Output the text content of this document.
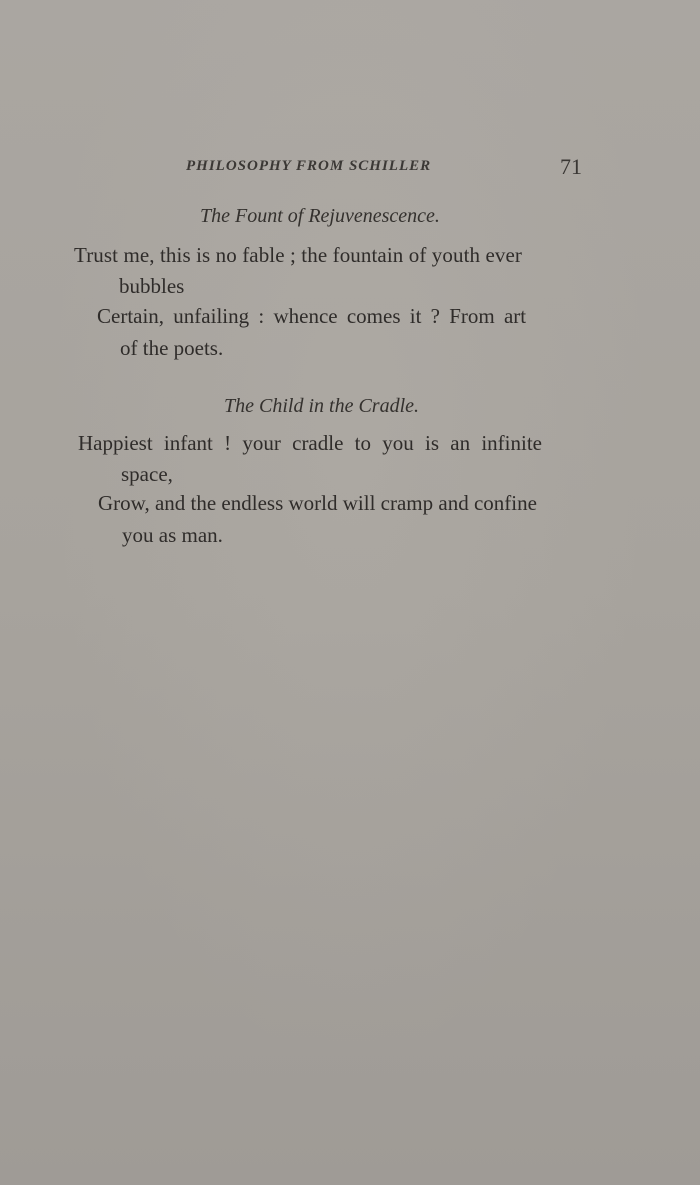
PHILOSOPHY FROM SCHILLER	71
The Fount of Rejuvenescence.
Trust me, this is no fable ; the fountain of youth ever
bubbles
Certain, unfailing : whence comes it ? From art
of the poets.
The Child in the Cradle.
Happiest infant ! your cradle to you is an infinite
space,
Grow, and the endless world will cramp and confine
you as man.
